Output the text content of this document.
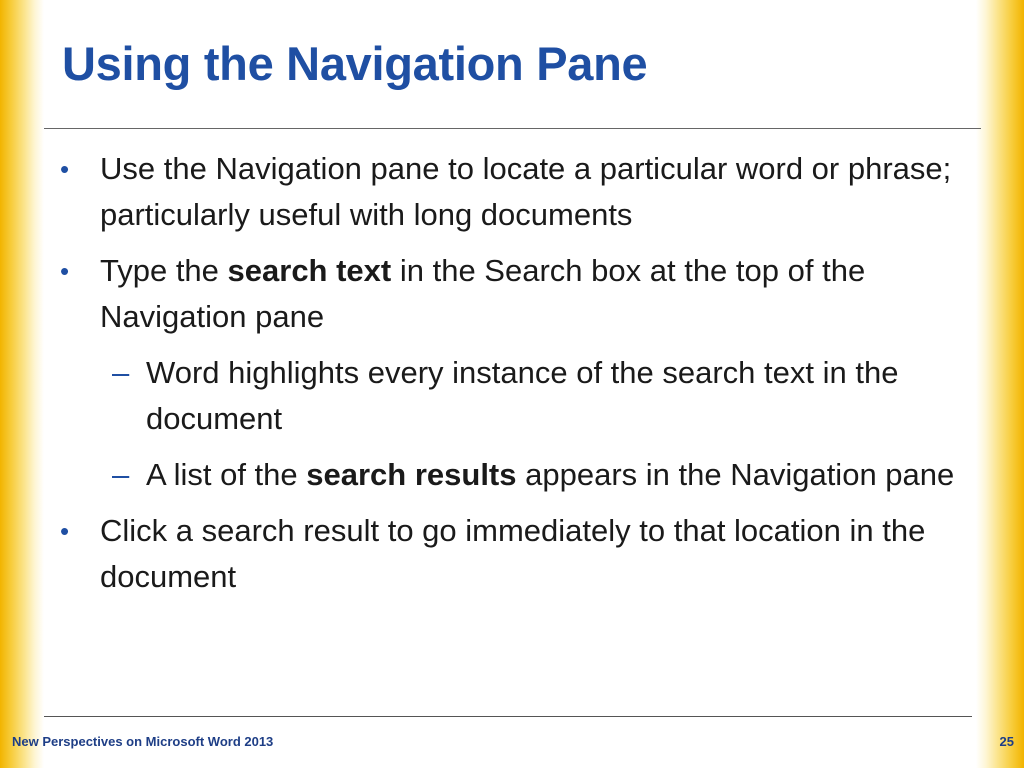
Using the Navigation Pane
• Use the Navigation pane to locate a particular word or phrase; particularly useful with long documents
• Type the search text in the Search box at the top of the Navigation pane
– Word highlights every instance of the search text in the document
– A list of the search results appears in the Navigation pane
• Click a search result to go immediately to that location in the document
New Perspectives on Microsoft Word 2013	25
